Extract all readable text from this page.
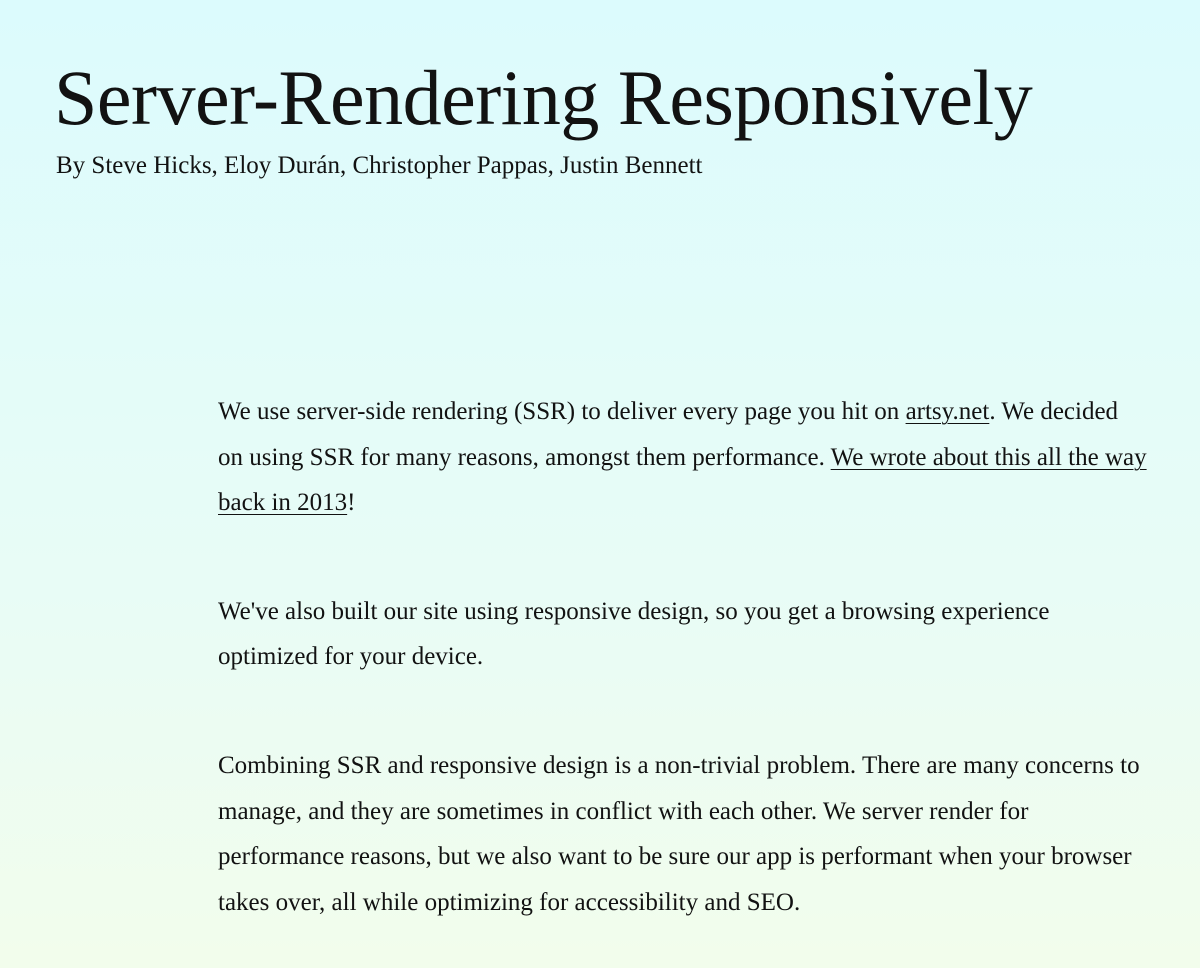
Server-Rendering Responsively

By Steve Hicks, Eloy Durán, Christopher Pappas, Justin Bennett

We use server-side rendering (SSR) to deliver every page you hit on artsy.net. We decided on using SSR for many reasons, amongst them performance. We wrote about this all the way back in 2013!

We've also built our site using responsive design, so you get a browsing experience optimized for your device.

Combining SSR and responsive design is a non-trivial problem. There are many concerns to manage, and they are sometimes in conflict with each other. We server render for performance reasons, but we also want to be sure our app is performant when your browser takes over, all while optimizing for accessibility and SEO.
